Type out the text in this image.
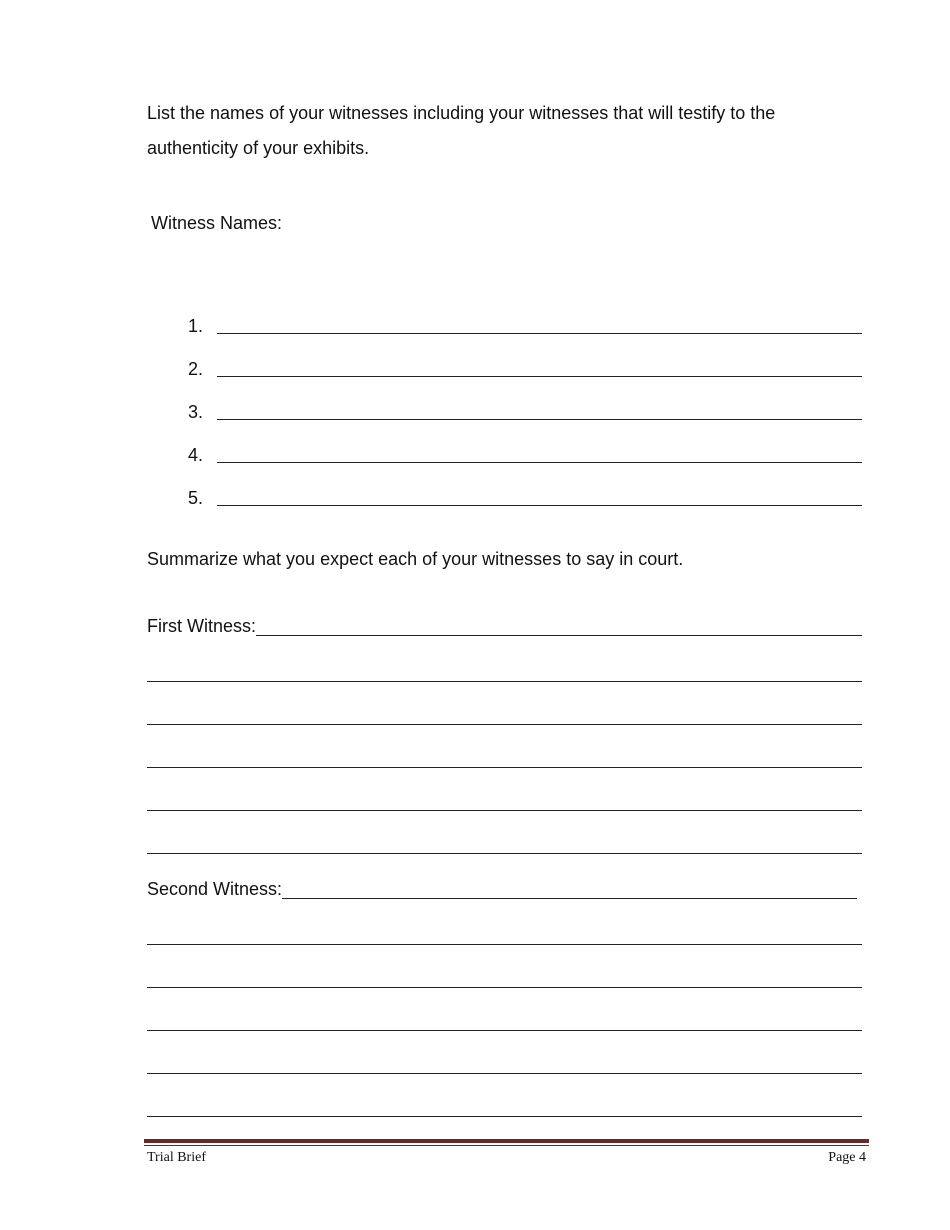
List the names of your witnesses including your witnesses that will testify to the authenticity of your exhibits.

Witness Names:

1.
2.
3.
4.
5.

Summarize what you expect each of your witnesses to say in court.

First Witness:
Second Witness:
Trial Brief	Page 4
